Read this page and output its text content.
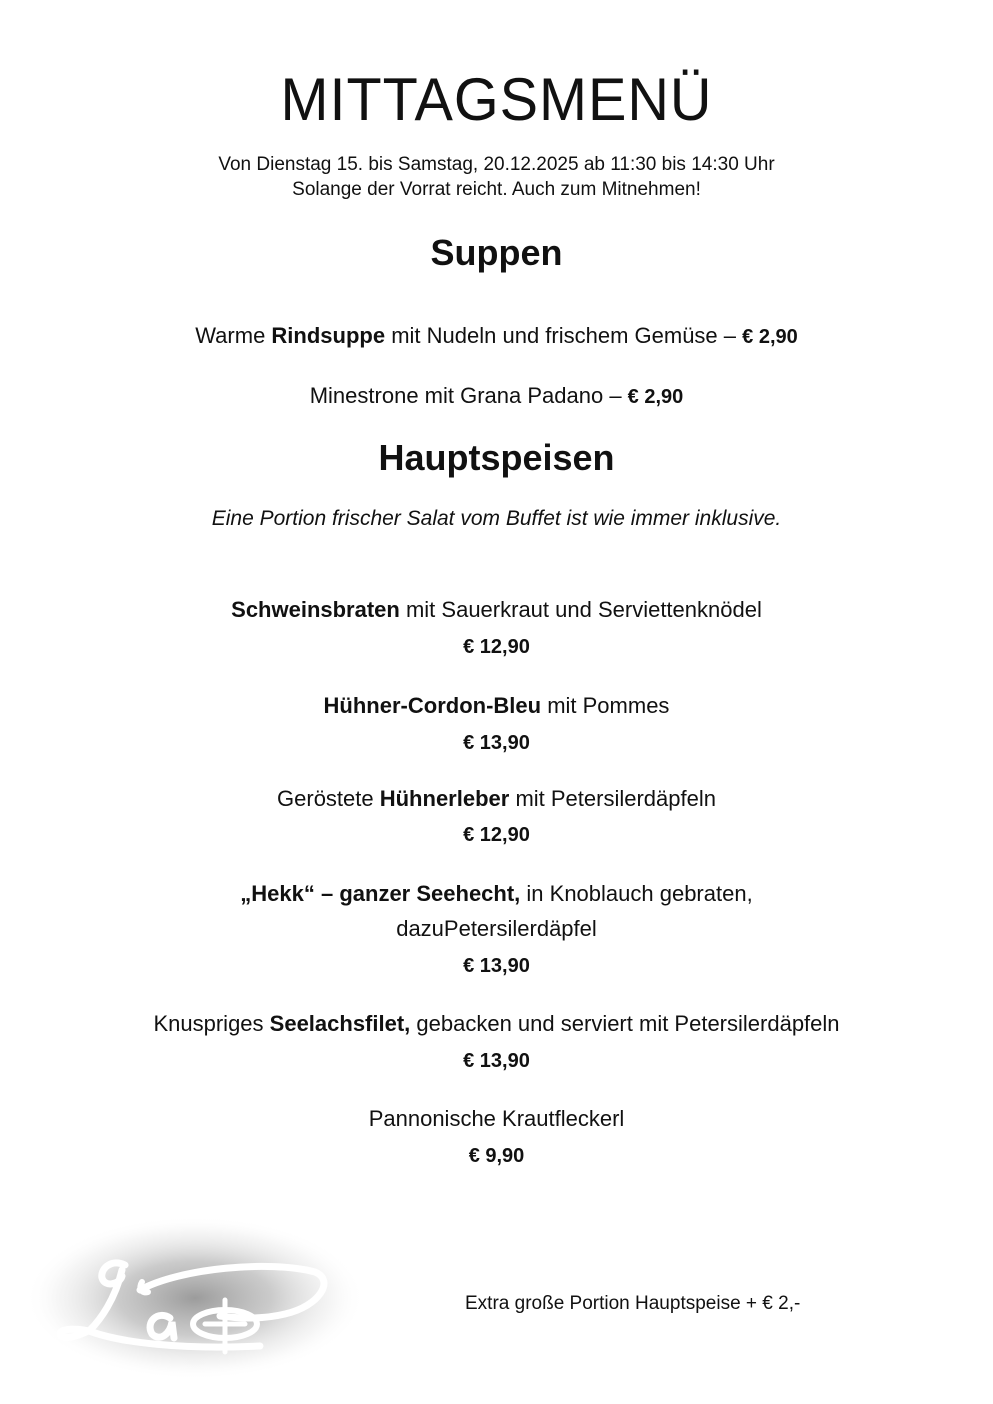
MITTAGSMENÜ
Von Dienstag 15. bis Samstag, 20.12.2025 ab 11:30 bis 14:30 Uhr
Solange der Vorrat reicht. Auch zum Mitnehmen!
Suppen
Warme Rindsuppe mit Nudeln und frischem Gemüse – € 2,90
Minestrone mit Grana Padano – € 2,90
Hauptspeisen
Eine Portion frischer Salat vom Buffet ist wie immer inklusive.
Schweinsbraten mit Sauerkraut und Serviettenknödel
€ 12,90
Hühner-Cordon-Bleu mit Pommes
€ 13,90
Geröstete Hühnerleber mit Petersilerdäpfeln
€ 12,90
„Hekk“ – ganzer Seehecht, in Knoblauch gebraten,
dazuPetersilerdäpfel
€ 13,90
Knuspriges Seelachsfilet, gebacken und serviert mit Petersilerdäpfeln
€ 13,90
Pannonische Krautfleckerl
€ 9,90
Extra große Portion Hauptspeise + € 2,-
